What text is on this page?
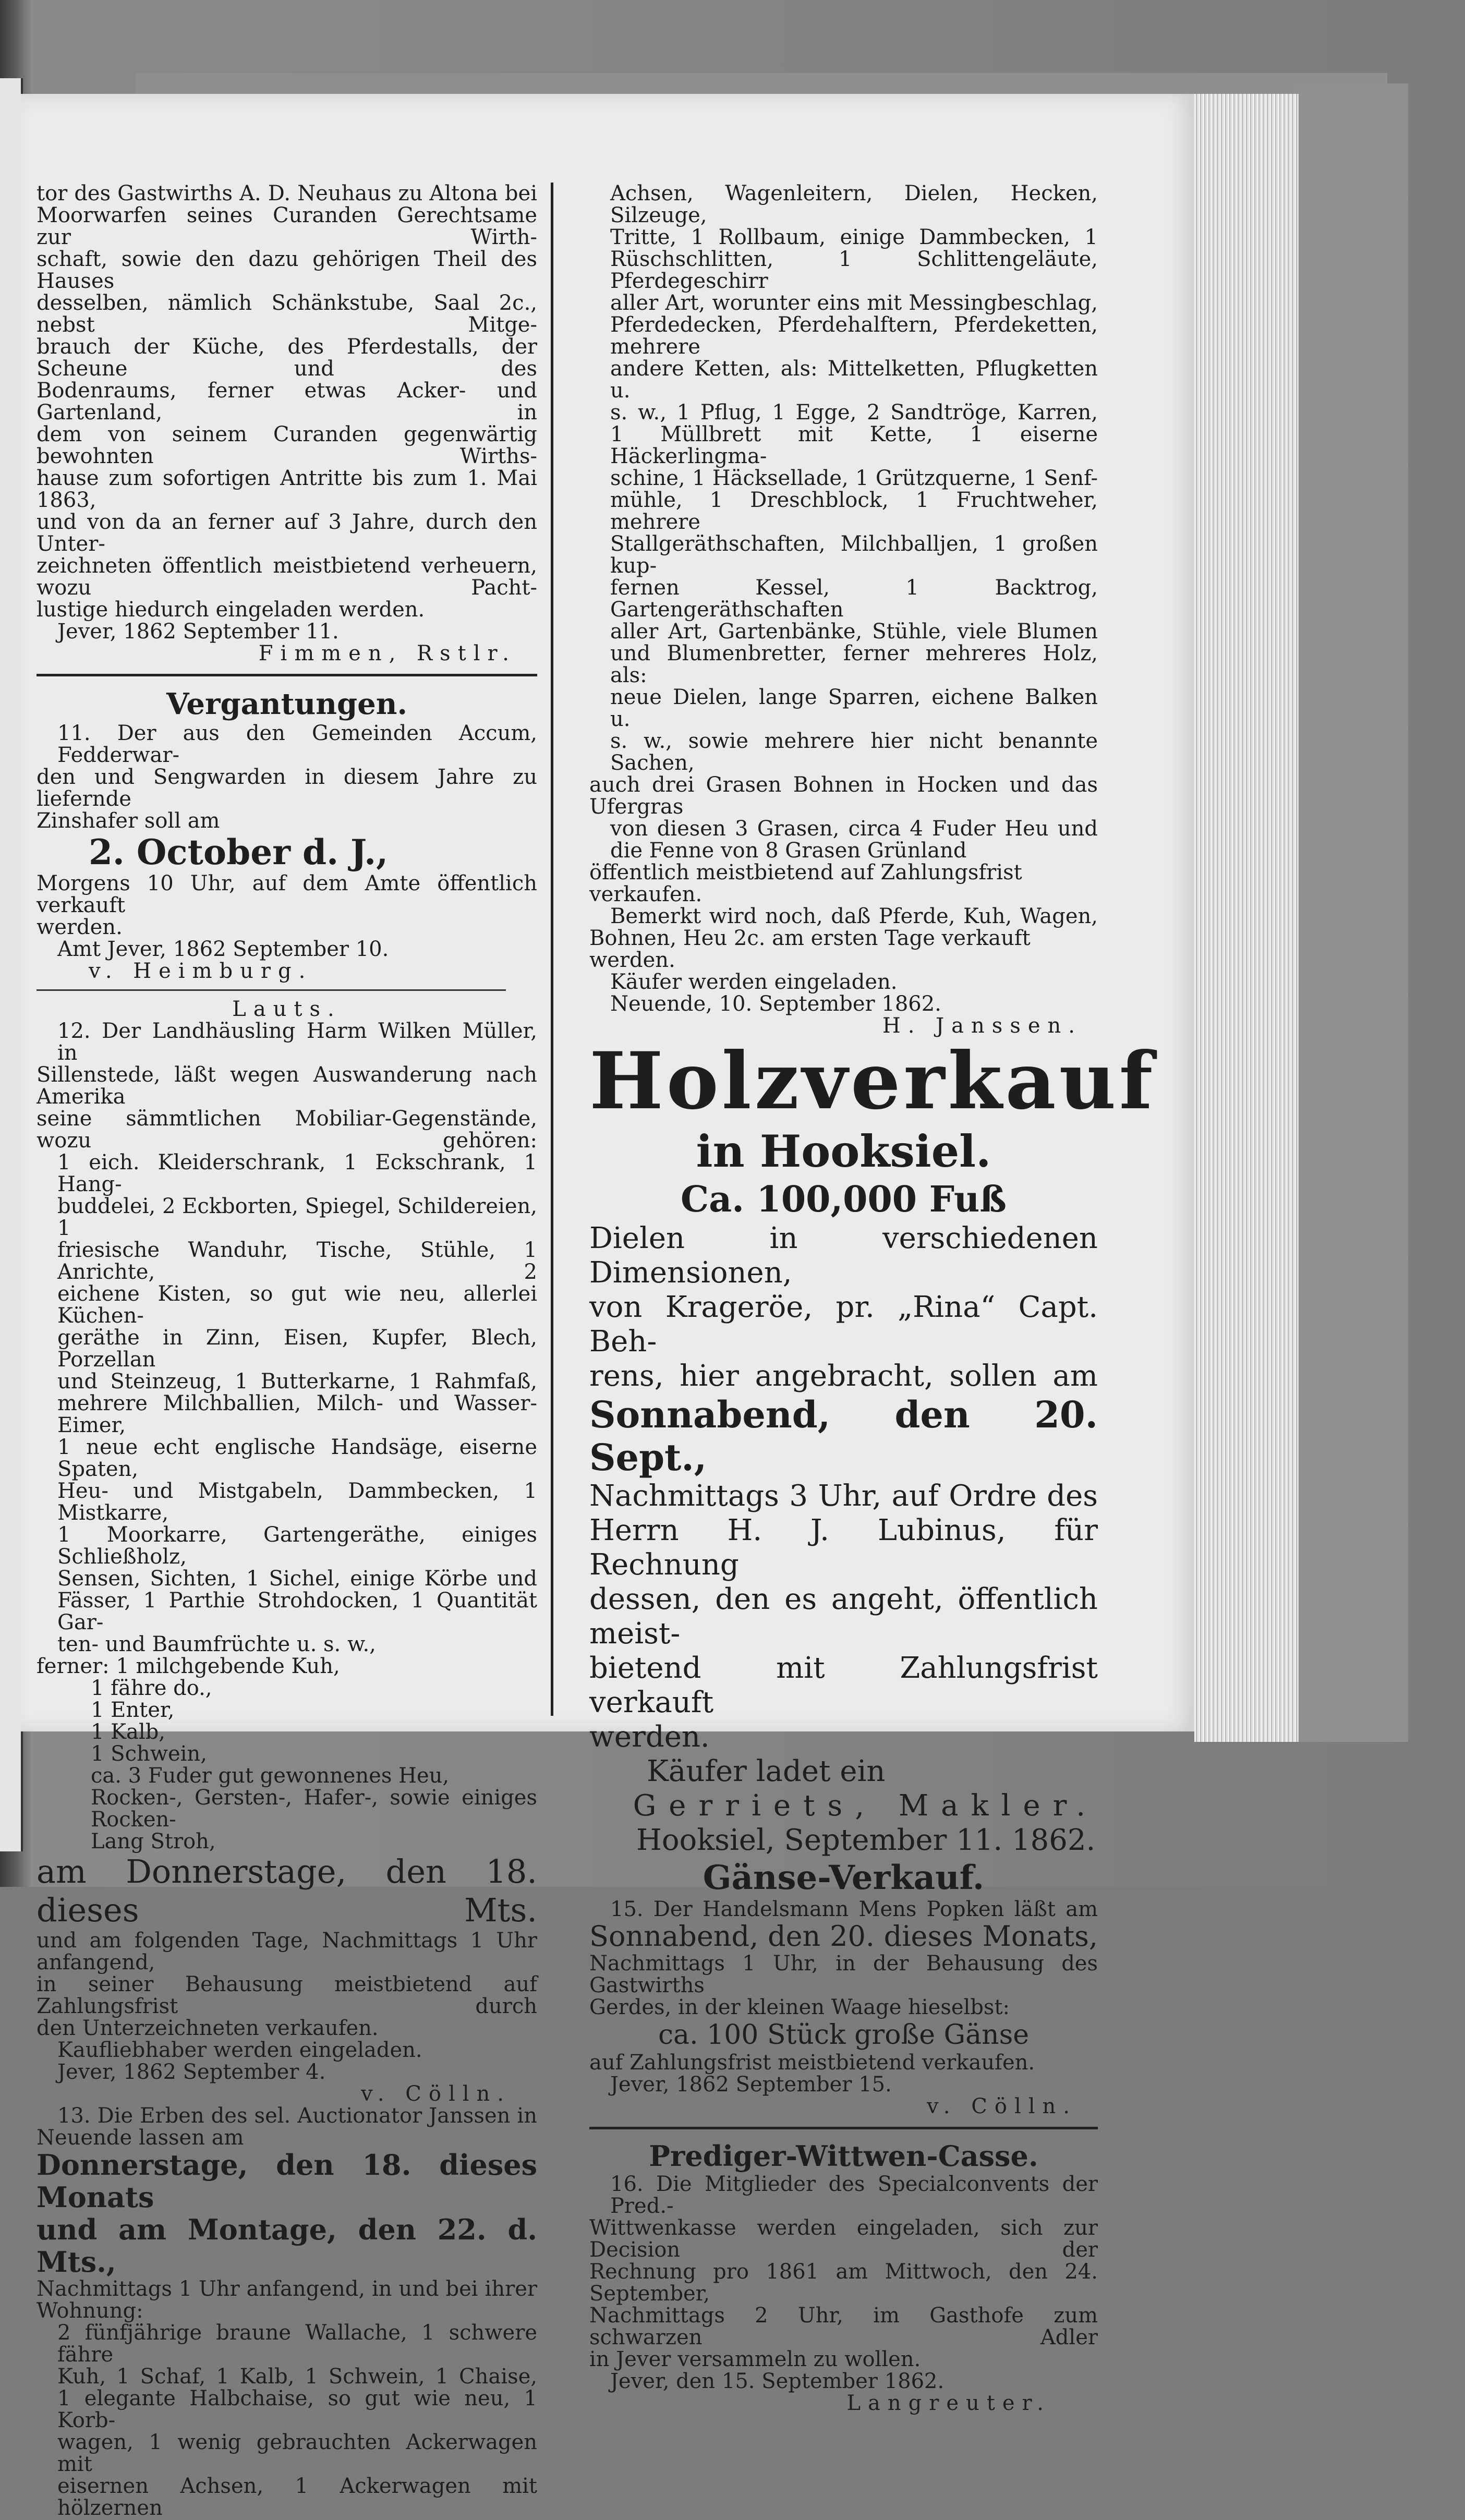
tor des Gastwirths A. D. Neuhaus zu Altona bei
Moorwarfen seines Curanden Gerechtsame zur Wirth-
schaft, sowie den dazu gehörigen Theil des Hauses
desselben, nämlich Schänkstube, Saal 2c., nebst Mitge-
brauch der Küche, des Pferdestalls, der Scheune und des
Bodenraums, ferner etwas Acker- und Gartenland, in
dem von seinem Curanden gegenwärtig bewohnten Wirths-
hause zum sofortigen Antritte bis zum 1. Mai 1863,
und von da an ferner auf 3 Jahre, durch den Unter-
zeichneten öffentlich meistbietend verheuern, wozu Pacht-
lustige hiedurch eingeladen werden.
Jever, 1862 September 11.
Fimmen, Rstlr.
Vergantungen.
11. Der aus den Gemeinden Accum, Fedderwar-
den und Sengwarden in diesem Jahre zu liefernde
Zinshafer soll am
2. October d. J.,
Morgens 10 Uhr, auf dem Amte öffentlich verkauft
werden.
Amt Jever, 1862 September 10.
v. Heimburg.
Lauts.
12. Der Landhäusling Harm Wilken Müller, in
Sillenstede, läßt wegen Auswanderung nach Amerika
seine sämmtlichen Mobiliar-Gegenstände, wozu gehören:
1 eich. Kleiderschrank, 1 Eckschrank, 1 Hang-
buddelei, 2 Eckborten, Spiegel, Schildereien, 1
friesische Wanduhr, Tische, Stühle, 1 Anrichte, 2
eichene Kisten, so gut wie neu, allerlei Küchen-
geräthe in Zinn, Eisen, Kupfer, Blech, Porzellan
und Steinzeug, 1 Butterkarne, 1 Rahmfaß,
mehrere Milchballien, Milch- und Wasser-Eimer,
1 neue echt englische Handsäge, eiserne Spaten,
Heu- und Mistgabeln, Dammbecken, 1 Mistkarre,
1 Moorkarre, Gartengeräthe, einiges Schließholz,
Sensen, Sichten, 1 Sichel, einige Körbe und
Fässer, 1 Parthie Strohdocken, 1 Quantität Gar-
ten- und Baumfrüchte u. s. w.,
ferner: 1 milchgebende Kuh,
1 fähre do.,
1 Enter,
1 Kalb,
1 Schwein,
ca. 3 Fuder gut gewonnenes Heu,
Rocken-, Gersten-, Hafer-, sowie einiges Rocken-
Lang Stroh,
am Donnerstage, den 18. dieses Mts.
und am folgenden Tage, Nachmittags 1 Uhr anfangend,
in seiner Behausung meistbietend auf Zahlungsfrist durch
den Unterzeichneten verkaufen.
Kaufliebhaber werden eingeladen.
Jever, 1862 September 4.
v. Cölln.
13. Die Erben des sel. Auctionator Janssen in
Neuende lassen am
Donnerstage, den 18. dieses Monats
und am Montage, den 22. d. Mts.,
Nachmittags 1 Uhr anfangend, in und bei ihrer
Wohnung:
2 fünfjährige braune Wallache, 1 schwere fähre
Kuh, 1 Schaf, 1 Kalb, 1 Schwein, 1 Chaise,
1 elegante Halbchaise, so gut wie neu, 1 Korb-
wagen, 1 wenig gebrauchten Ackerwagen mit
eisernen Achsen, 1 Ackerwagen mit hölzernen
Achsen, Wagenleitern, Dielen, Hecken, Silzeuge,
Tritte, 1 Rollbaum, einige Dammbecken, 1
Rüschschlitten, 1 Schlittengeläute, Pferdegeschirr
aller Art, worunter eins mit Messingbeschlag,
Pferdedecken, Pferdehalftern, Pferdeketten, mehrere
andere Ketten, als: Mittelketten, Pflugketten u.
s. w., 1 Pflug, 1 Egge, 2 Sandtröge, Karren,
1 Müllbrett mit Kette, 1 eiserne Häckerlingma-
schine, 1 Häcksellade, 1 Grützquerne, 1 Senf-
mühle, 1 Dreschblock, 1 Fruchtweher, mehrere
Stallgeräthschaften, Milchballjen, 1 großen kup-
fernen Kessel, 1 Backtrog, Gartengeräthschaften
aller Art, Gartenbänke, Stühle, viele Blumen
und Blumenbretter, ferner mehreres Holz, als:
neue Dielen, lange Sparren, eichene Balken u.
s. w., sowie mehrere hier nicht benannte Sachen,
auch drei Grasen Bohnen in Hocken und das Ufergras
von diesen 3 Grasen, circa 4 Fuder Heu und
die Fenne von 8 Grasen Grünland
öffentlich meistbietend auf Zahlungsfrist verkaufen.
Bemerkt wird noch, daß Pferde, Kuh, Wagen,
Bohnen, Heu 2c. am ersten Tage verkauft werden.
Käufer werden eingeladen.
Neuende, 10. September 1862.
H. Janssen.
Holzverkauf
in Hooksiel.
Ca. 100,000 Fuß
Dielen in verschiedenen Dimensionen,
von Krageröe, pr. „Rina“ Capt. Beh-
rens, hier angebracht, sollen am
Sonnabend, den 20. Sept.,
Nachmittags 3 Uhr, auf Ordre des
Herrn H. J. Lubinus, für Rechnung
dessen, den es angeht, öffentlich meist-
bietend mit Zahlungsfrist verkauft
werden.
Käufer ladet ein
Gerriets, Makler.
Hooksiel, September 11. 1862.
Gänse-Verkauf.
15. Der Handelsmann Mens Popken läßt am
Sonnabend, den 20. dieses Monats,
Nachmittags 1 Uhr, in der Behausung des Gastwirths
Gerdes, in der kleinen Waage hieselbst:
ca. 100 Stück große Gänse
auf Zahlungsfrist meistbietend verkaufen.
Jever, 1862 September 15.
v. Cölln.
Prediger-Wittwen-Casse.
16. Die Mitglieder des Specialconvents der Pred.-
Wittwenkasse werden eingeladen, sich zur Decision der
Rechnung pro 1861 am Mittwoch, den 24. September,
Nachmittags 2 Uhr, im Gasthofe zum schwarzen Adler
in Jever versammeln zu wollen.
Jever, den 15. September 1862.
Langreuter.
